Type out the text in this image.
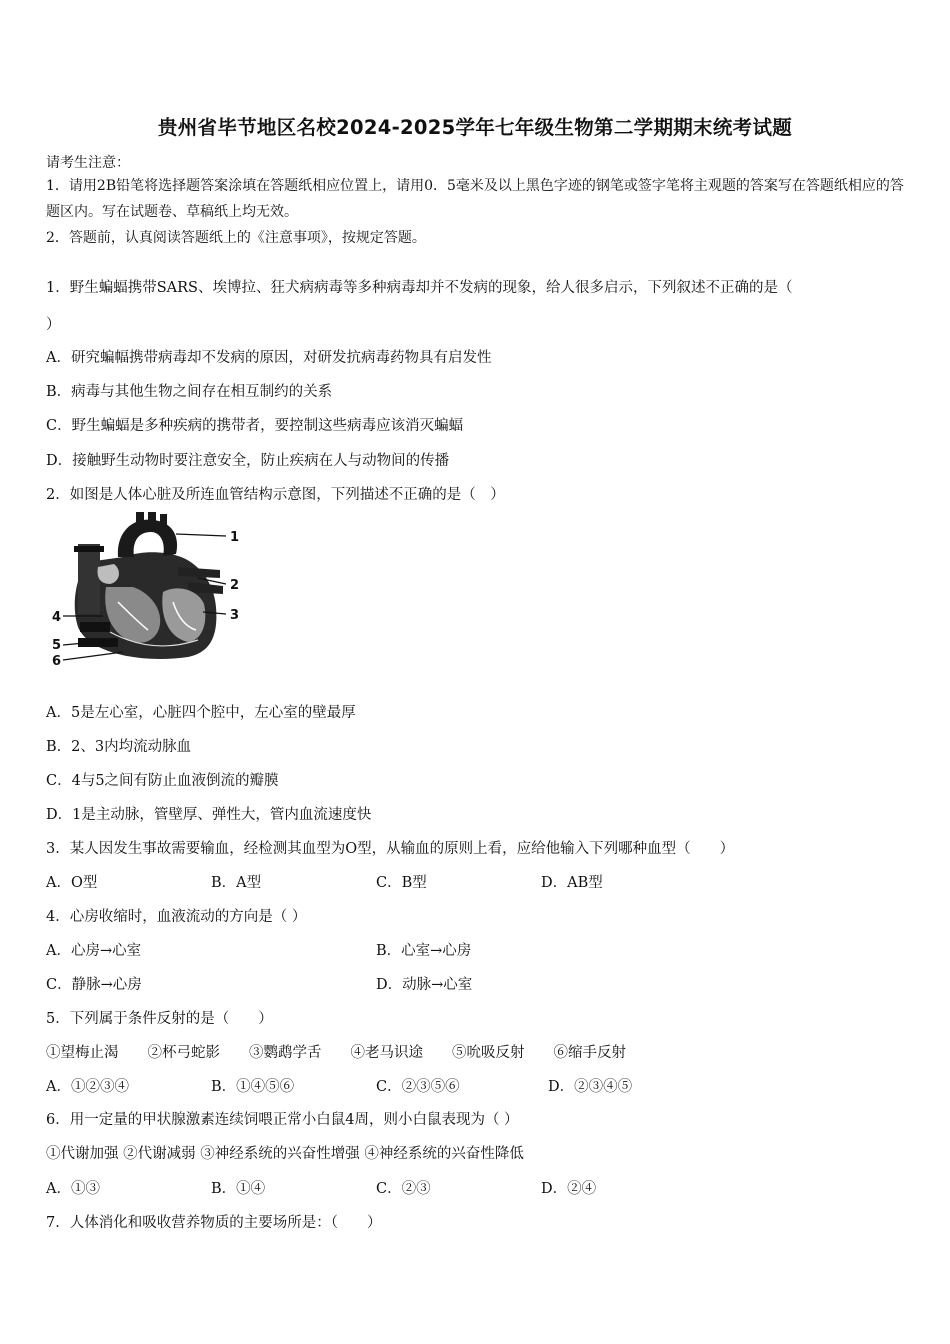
贵州省毕节地区名校2024-2025学年七年级生物第二学期期末统考试题
请考生注意：
1．请用2B铅笔将选择题答案涂填在答题纸相应位置上，请用0．5毫米及以上黑色字迹的钢笔或签字笔将主观题的答案写在答题纸相应的答题区内。写在试题卷、草稿纸上均无效。
2．答题前，认真阅读答题纸上的《注意事项》，按规定答题。
1．野生蝙蝠携带SARS、埃博拉、狂犬病病毒等多种病毒却并不发病的现象，给人很多启示，下列叙述不正确的是（
）
A．研究蝙幅携带病毒却不发病的原因，对研发抗病毒药物具有启发性
B．病毒与其他生物之间存在相互制约的关系
C．野生蝙蝠是多种疾病的携带者，要控制这些病毒应该消灭蝙蝠
D．接触野生动物时要注意安全，防止疾病在人与动物间的传播
2．如图是人体心脏及所连血管结构示意图，下列描述不正确的是（　）
1
2
3
4
5
6
A．5是左心室，心脏四个腔中，左心室的壁最厚
B．2、3内均流动脉血
C．4与5之间有防止血液倒流的瓣膜
D．1是主动脉，管壁厚、弹性大，管内血流速度快
3．某人因发生事故需要输血，经检测其血型为O型，从输血的原则上看，应给他输入下列哪种血型（　　）
A．O型	B．A型	C．B型	D．AB型
4．心房收缩时，血液流动的方向是（ ）
A．心房→心室	B．心室→心房
C．静脉→心房	D．动脉→心室
5．下列属于条件反射的是（　　）
①望梅止渴　　②杯弓蛇影　　③鹦鹉学舌　　④老马识途　　⑤吮吸反射　　⑥缩手反射
A．①②③④	B．①④⑤⑥	C．②③⑤⑥	D．②③④⑤
6．用一定量的甲状腺激素连续饲喂正常小白鼠4周，则小白鼠表现为（ ）
①代谢加强 ②代谢减弱 ③神经系统的兴奋性增强 ④神经系统的兴奋性降低
A．①③	B．①④	C．②③	D．②④
7．人体消化和吸收营养物质的主要场所是：（　　）
